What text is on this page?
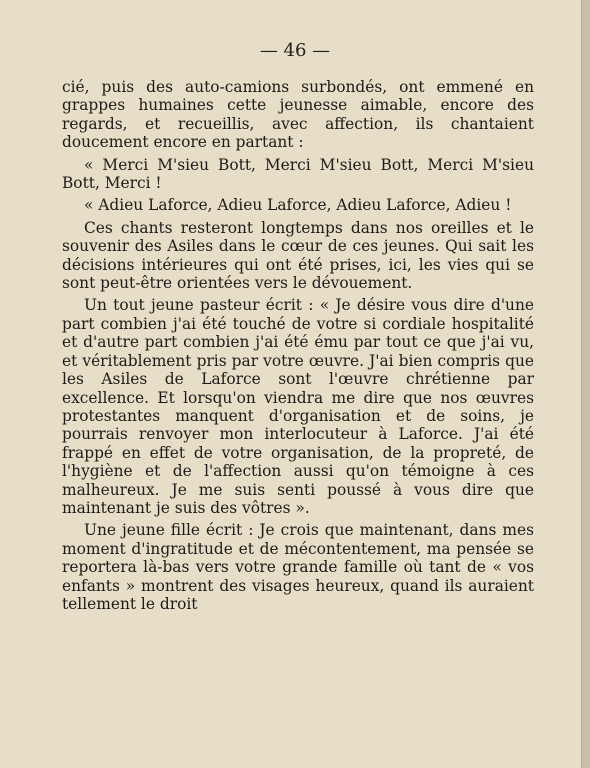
— 46 —

cié, puis des auto-camions surbondés, ont emmené en grappes humaines cette jeunesse aimable, encore des regards, et recueillis, avec affection, ils chantaient doucement encore en partant :

« Merci M'sieu Bott, Merci M'sieu Bott, Merci M'sieu Bott, Merci !

« Adieu Laforce, Adieu Laforce, Adieu Laforce, Adieu !

Ces chants resteront longtemps dans nos oreilles et le souvenir des Asiles dans le cœur de ces jeunes. Qui sait les décisions intérieures qui ont été prises, ici, les vies qui se sont peut-être orientées vers le dévouement.

Un tout jeune pasteur écrit : « Je désire vous dire d'une part combien j'ai été touché de votre si cordiale hospitalité et d'autre part combien j'ai été ému par tout ce que j'ai vu, et véritablement pris par votre œuvre. J'ai bien compris que les Asiles de Laforce sont l'œuvre chrétienne par excellence. Et lorsqu'on viendra me dire que nos œuvres protestantes manquent d'organisation et de soins, je pourrais renvoyer mon interlocuteur à Laforce. J'ai été frappé en effet de votre organisation, de la propreté, de l'hygiène et de l'affection aussi qu'on témoigne à ces malheureux. Je me suis senti poussé à vous dire que maintenant je suis des vôtres ».

Une jeune fille écrit : Je crois que maintenant, dans mes moment d'ingratitude et de mécontentement, ma pensée se reportera là-bas vers votre grande famille où tant de « vos enfants » montrent des visages heureux, quand ils auraient tellement le droit
